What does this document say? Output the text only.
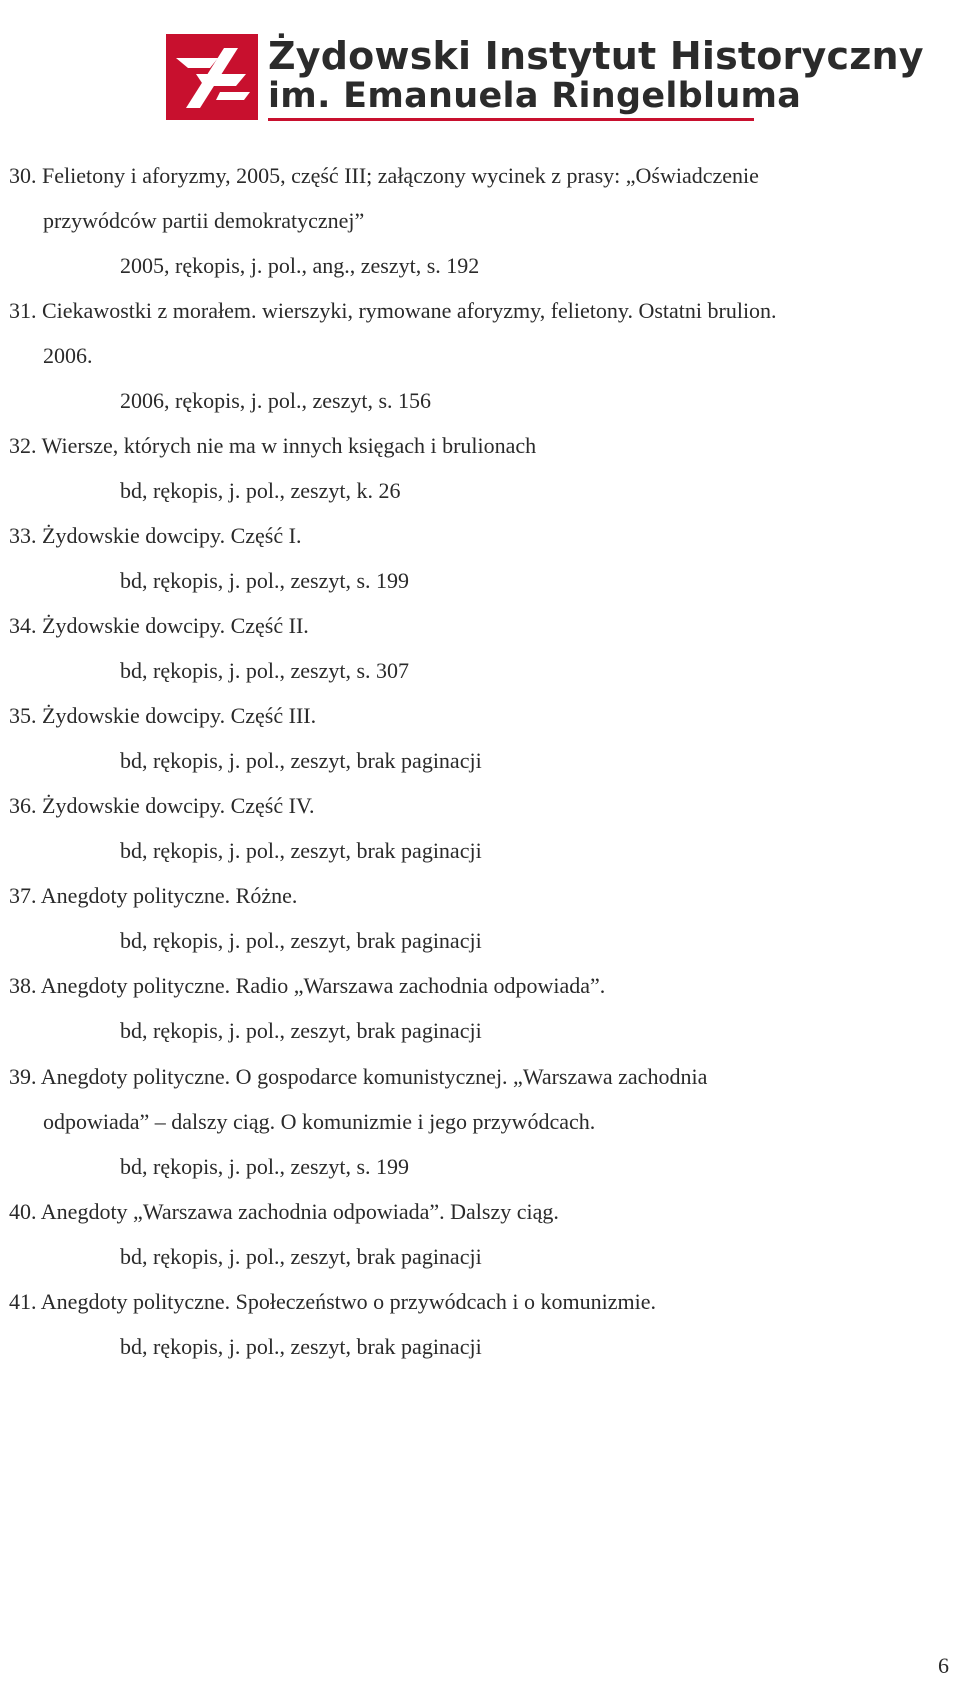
Żydowski Instytut Historyczny
im. Emanuela Ringelbluma
30. Felietony i aforyzmy, 2005, część III; załączony wycinek z prasy: „Oświadczenie
przywódców partii demokratycznej”
2005, rękopis, j. pol., ang., zeszyt, s. 192
31. Ciekawostki z morałem. wierszyki, rymowane aforyzmy, felietony. Ostatni brulion.
2006.
2006, rękopis, j. pol., zeszyt, s. 156
32. Wiersze, których nie ma w innych księgach i brulionach
bd, rękopis, j. pol., zeszyt, k. 26
33. Żydowskie dowcipy. Część I.
bd, rękopis, j. pol., zeszyt, s. 199
34. Żydowskie dowcipy. Część II.
bd, rękopis, j. pol., zeszyt, s. 307
35. Żydowskie dowcipy. Część III.
bd, rękopis, j. pol., zeszyt, brak paginacji
36. Żydowskie dowcipy. Część IV.
bd, rękopis, j. pol., zeszyt, brak paginacji
37. Anegdoty polityczne. Różne.
bd, rękopis, j. pol., zeszyt, brak paginacji
38. Anegdoty polityczne. Radio „Warszawa zachodnia odpowiada”.
bd, rękopis, j. pol., zeszyt, brak paginacji
39. Anegdoty polityczne. O gospodarce komunistycznej. „Warszawa zachodnia
odpowiada” – dalszy ciąg. O komunizmie i jego przywódcach.
bd, rękopis, j. pol., zeszyt, s. 199
40. Anegdoty „Warszawa zachodnia odpowiada”. Dalszy ciąg.
bd, rękopis, j. pol., zeszyt, brak paginacji
41. Anegdoty polityczne. Społeczeństwo o przywódcach i o komunizmie.
bd, rękopis, j. pol., zeszyt, brak paginacji
6
